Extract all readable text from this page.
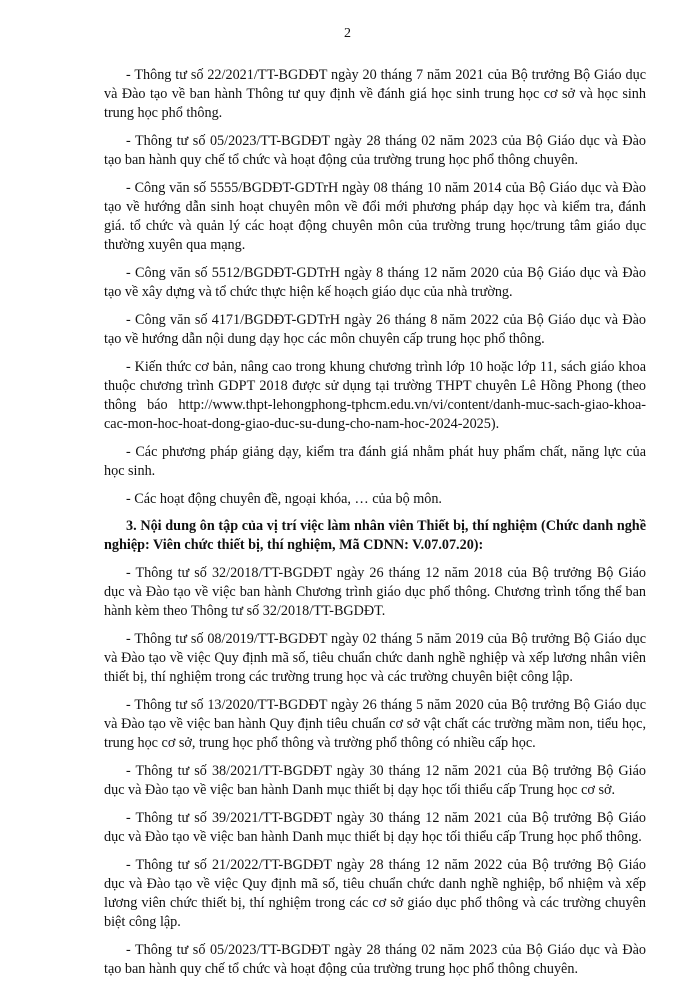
2

- Thông tư số 22/2021/TT-BGDĐT ngày 20 tháng 7 năm 2021 của Bộ trưởng Bộ Giáo dục và Đào tạo về ban hành Thông tư quy định về đánh giá học sinh trung học cơ sở và học sinh trung học phổ thông.

- Thông tư số 05/2023/TT-BGDĐT ngày 28 tháng 02 năm 2023 của Bộ Giáo dục và Đào tạo ban hành quy chế tổ chức và hoạt động của trường trung học phổ thông chuyên.

- Công văn số 5555/BGDĐT-GDTrH ngày 08 tháng 10 năm 2014 của Bộ Giáo dục và Đào tạo về hướng dẫn sinh hoạt chuyên môn về đổi mới phương pháp dạy học và kiểm tra, đánh giá. tổ chức và quản lý các hoạt động chuyên môn của trường trung học/trung tâm giáo dục thường xuyên qua mạng.

- Công văn số 5512/BGDĐT-GDTrH ngày 8 tháng 12 năm 2020 của Bộ Giáo dục và Đào tạo về xây dựng và tổ chức thực hiện kế hoạch giáo dục của nhà trường.

- Công văn số 4171/BGDĐT-GDTrH ngày 26 tháng 8 năm 2022 của Bộ Giáo dục và Đào tạo về hướng dẫn nội dung dạy học các môn chuyên cấp trung học phổ thông.

- Kiến thức cơ bản, nâng cao trong khung chương trình lớp 10 hoặc lớp 11, sách giáo khoa thuộc chương trình GDPT 2018 được sử dụng tại trường THPT chuyên Lê Hồng Phong (theo thông báo http://www.thpt-lehongphong-tphcm.edu.vn/vi/content/danh-muc-sach-giao-khoa-cac-mon-hoc-hoat-dong-giao-duc-su-dung-cho-nam-hoc-2024-2025).

- Các phương pháp giảng dạy, kiểm tra đánh giá nhằm phát huy phẩm chất, năng lực của học sinh.

- Các hoạt động chuyên đề, ngoại khóa, … của bộ môn.

3. Nội dung ôn tập của vị trí việc làm nhân viên Thiết bị, thí nghiệm (Chức danh nghề nghiệp: Viên chức thiết bị, thí nghiệm, Mã CDNN: V.07.07.20):

- Thông tư số 32/2018/TT-BGDĐT ngày 26 tháng 12 năm 2018 của Bộ trưởng Bộ Giáo dục và Đào tạo về việc ban hành Chương trình giáo dục phổ thông. Chương trình tổng thể ban hành kèm theo Thông tư số 32/2018/TT-BGDĐT.

- Thông tư số 08/2019/TT-BGDĐT ngày 02 tháng 5 năm 2019 của Bộ trưởng Bộ Giáo dục và Đào tạo về việc Quy định mã số, tiêu chuẩn chức danh nghề nghiệp và xếp lương nhân viên thiết bị, thí nghiệm trong các trường trung học và các trường chuyên biệt công lập.

- Thông tư số 13/2020/TT-BGDĐT ngày 26 tháng 5 năm 2020 của Bộ trưởng Bộ Giáo dục và Đào tạo về việc ban hành Quy định tiêu chuẩn cơ sở vật chất các trường mầm non, tiểu học, trung học cơ sở, trung học phổ thông và trường phổ thông có nhiều cấp học.

- Thông tư số 38/2021/TT-BGDĐT ngày 30 tháng 12 năm 2021 của Bộ trưởng Bộ Giáo dục và Đào tạo về việc ban hành Danh mục thiết bị dạy học tối thiểu cấp Trung học cơ sở.

- Thông tư số 39/2021/TT-BGDĐT ngày 30 tháng 12 năm 2021 của Bộ trưởng Bộ Giáo dục và Đào tạo về việc ban hành Danh mục thiết bị dạy học tối thiểu cấp Trung học phổ thông.

- Thông tư số 21/2022/TT-BGDĐT ngày 28 tháng 12 năm 2022 của Bộ trưởng Bộ Giáo dục và Đào tạo về việc Quy định mã số, tiêu chuẩn chức danh nghề nghiệp, bổ nhiệm và xếp lương viên chức thiết bị, thí nghiệm trong các cơ sở giáo dục phổ thông và các trường chuyên biệt công lập.

- Thông tư số 05/2023/TT-BGDĐT ngày 28 tháng 02 năm 2023 của Bộ Giáo dục và Đào tạo ban hành quy chế tổ chức và hoạt động của trường trung học phổ thông chuyên.
